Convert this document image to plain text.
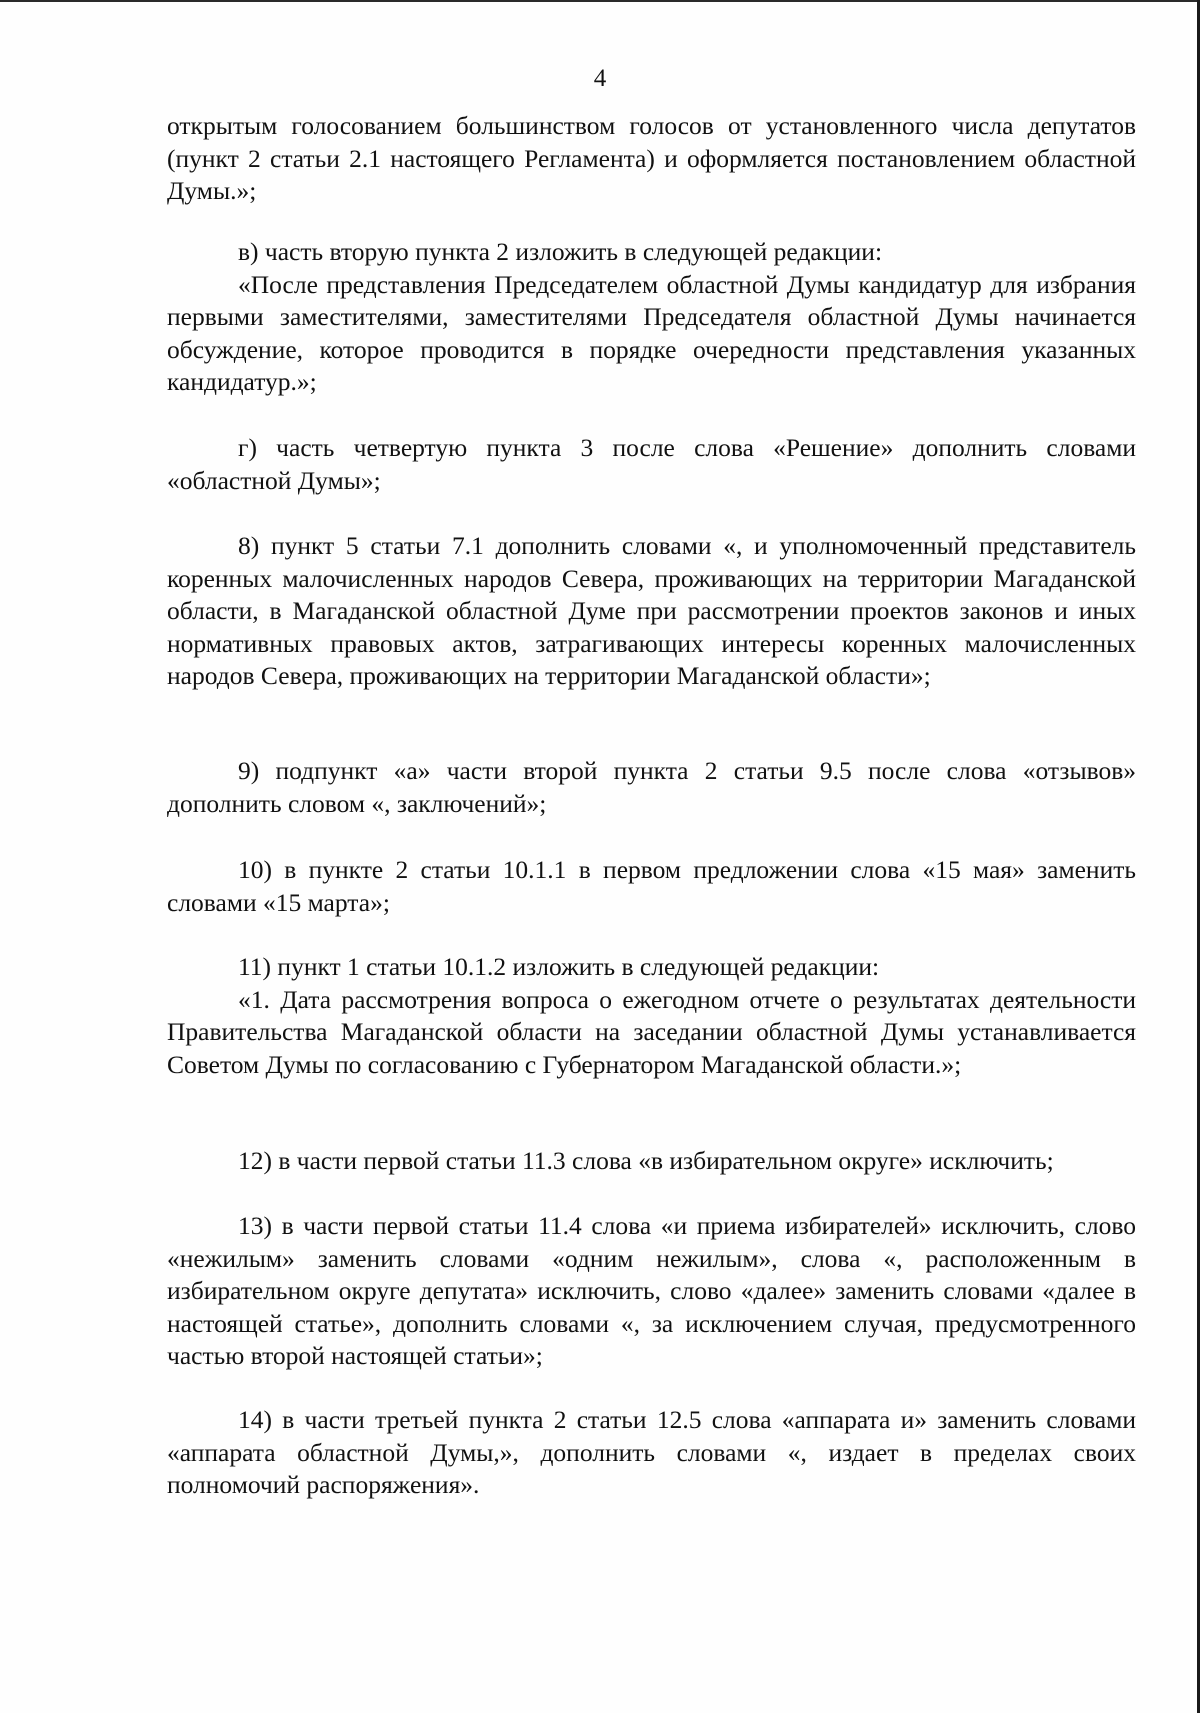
4

открытым голосованием большинством голосов от установленного числа депутатов (пункт 2 статьи 2.1 настоящего Регламента) и оформляется постановлением областной Думы.»;

в) часть вторую пункта 2 изложить в следующей редакции:

«После представления Председателем областной Думы кандидатур для избрания первыми заместителями, заместителями Председателя областной Думы начинается обсуждение, которое проводится в порядке очередности представления указанных кандидатур.»;

г) часть четвертую пункта 3 после слова «Решение» дополнить словами «областной Думы»;

8) пункт 5 статьи 7.1 дополнить словами «, и уполномоченный представитель коренных малочисленных народов Севера, проживающих на территории Магаданской области, в Магаданской областной Думе при рассмотрении проектов законов и иных нормативных правовых актов, затрагивающих интересы коренных малочисленных народов Севера, проживающих на территории Магаданской области»;

9) подпункт «а» части второй пункта 2 статьи 9.5 после слова «отзывов» дополнить словом «, заключений»;

10) в пункте 2 статьи 10.1.1 в первом предложении слова «15 мая» заменить словами «15 марта»;

11) пункт 1 статьи 10.1.2 изложить в следующей редакции:

«1. Дата рассмотрения вопроса о ежегодном отчете о результатах деятельности Правительства Магаданской области на заседании областной Думы устанавливается Советом Думы по согласованию с Губернатором Магаданской области.»;

12) в части первой статьи 11.3 слова «в избирательном округе» исключить;

13) в части первой статьи 11.4 слова «и приема избирателей» исключить, слово «нежилым» заменить словами «одним нежилым», слова «, расположенным в избирательном округе депутата» исключить, слово «далее» заменить словами «далее в настоящей статье», дополнить словами «, за исключением случая, предусмотренного частью второй настоящей статьи»;

14) в части третьей пункта 2 статьи 12.5 слова «аппарата и» заменить словами «аппарата областной Думы,», дополнить словами «, издает в пределах своих полномочий распоряжения».
